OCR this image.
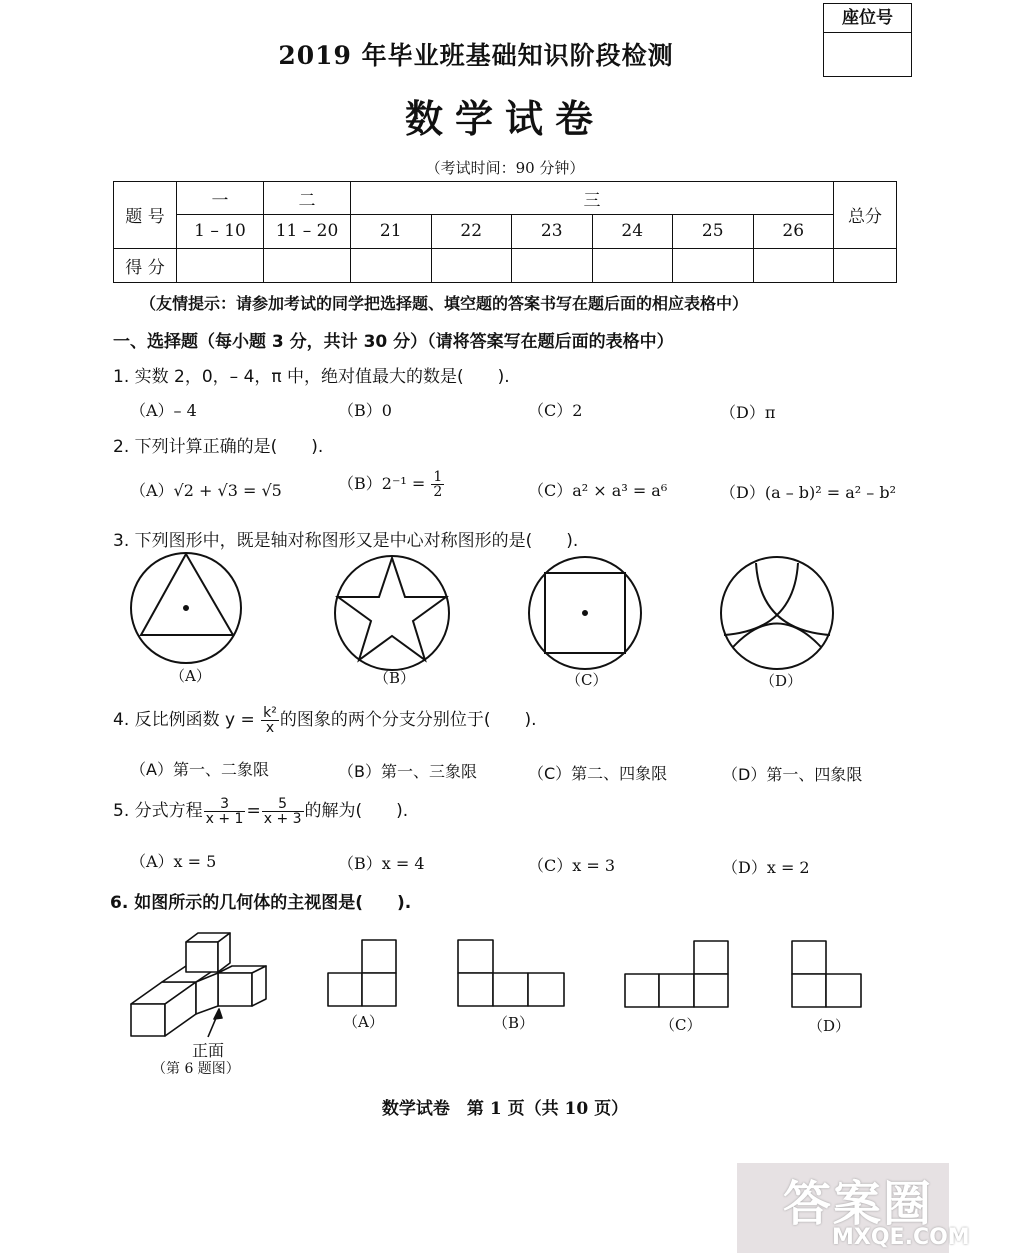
座位号
2019 年毕业班基础知识阶段检测
数学试卷
（考试时间：90 分钟）
题 号	一	二	三						总分
	1 – 10	11 – 20	21	22	23	24	25	26	
得 分									
（友情提示：请参加考试的同学把选择题、填空题的答案书写在题后面的相应表格中）
一、选择题（每小题 3 分，共计 30 分）（请将答案写在题后面的表格中）
1. 实数 2，0，– 4，π 中，绝对值最大的数是(　　).
（A）– 4	（B）0	（C）2	（D）π
2. 下列计算正确的是(　　).
（A）√2 + √3 = √5	$(B)2^{-1} = \frac{1}{2}$	（C）a² × a³ = a⁶	（D）(a – b)² = a² – b²
3. 下列图形中，既是轴对称图形又是中心对称图形的是(　　).
（A）	（B）	（C）	（D）
4. 反比例函数 $y = \frac{\text{k²}}{x}$ 的图象的两个分支分别位于(　　).
（A）第一、二象限	（B）第一、三象限	（C）第二、四象限	（D）第一、四象限
5. 分式方程 $\frac{3}{x + 1} = \frac{5}{x + 3}$ 的解为(　　).
（A）x = 5	（B）x = 4	（C）x = 3	（D）x = 2
6. 如图所示的几何体的主视图是(　　).
正面
（第 6 题图）
（A）	（B）	（C）	（D）
数学试卷　第 1 页（共 10 页）
答案圈
MXQE.COM
